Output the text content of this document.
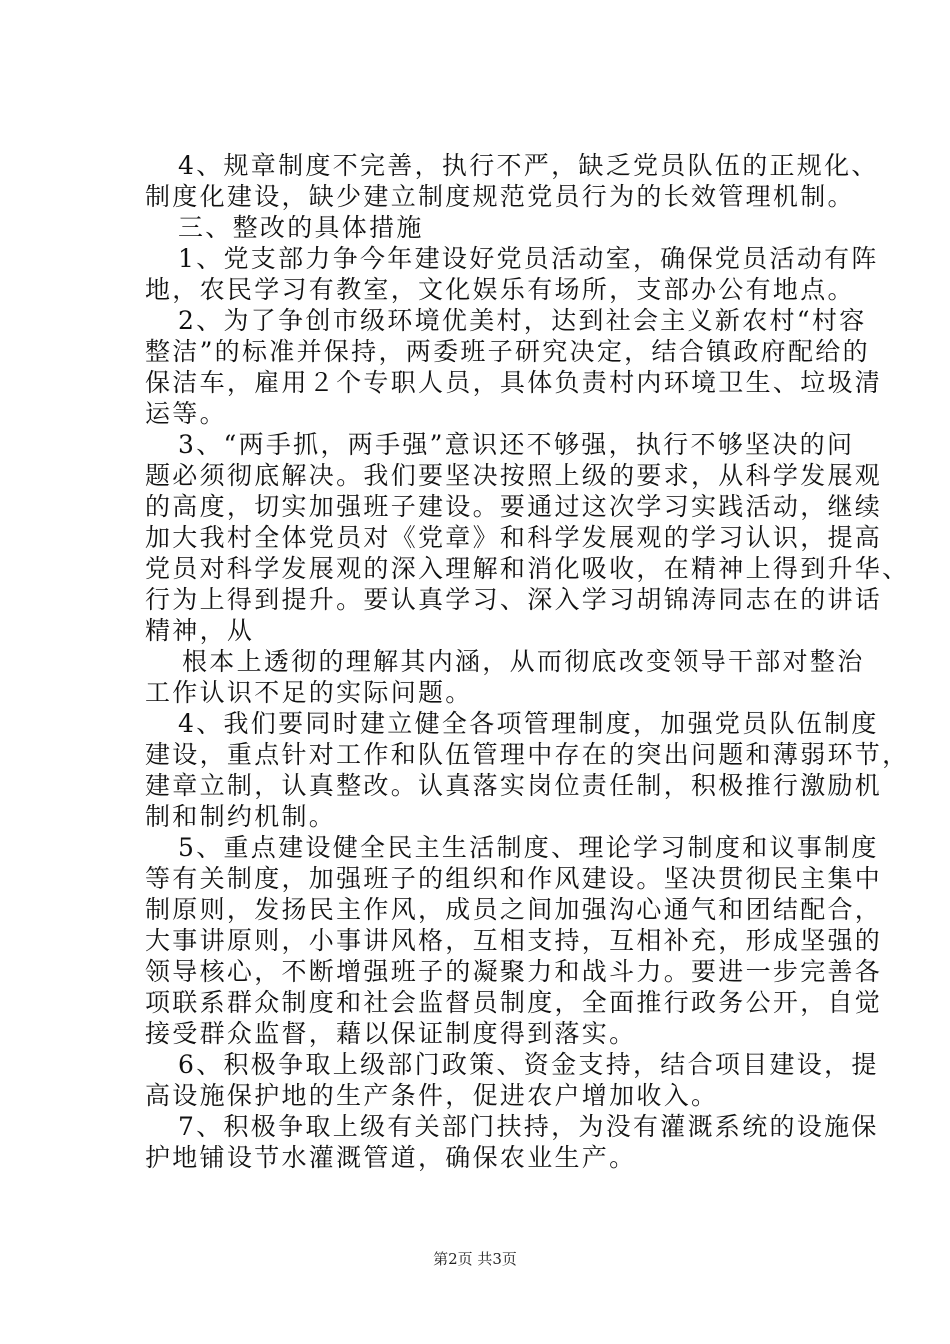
4、规章制度不完善，执行不严，缺乏党员队伍的正规化、
制度化建设，缺少建立制度规范党员行为的长效管理机制。
三、整改的具体措施
1、党支部力争今年建设好党员活动室，确保党员活动有阵
地，农民学习有教室，文化娱乐有场所，支部办公有地点。
2、为了争创市级环境优美村，达到社会主义新农村“村容
整洁”的标准并保持，两委班子研究决定，结合镇政府配给的
保洁车，雇用２个专职人员，具体负责村内环境卫生、垃圾清
运等。
3、“两手抓，两手强”意识还不够强，执行不够坚决的问
题必须彻底解决。我们要坚决按照上级的要求，从科学发展观
的高度，切实加强班子建设。要通过这次学习实践活动，继续
加大我村全体党员对《党章》和科学发展观的学习认识，提高
党员对科学发展观的深入理解和消化吸收，在精神上得到升华、
行为上得到提升。要认真学习、深入学习胡锦涛同志在的讲话
精神，从
根本上透彻的理解其内涵，从而彻底改变领导干部对整治
工作认识不足的实际问题。
4、我们要同时建立健全各项管理制度，加强党员队伍制度
建设，重点针对工作和队伍管理中存在的突出问题和薄弱环节，
建章立制，认真整改。认真落实岗位责任制，积极推行激励机
制和制约机制。
5、重点建设健全民主生活制度、理论学习制度和议事制度
等有关制度，加强班子的组织和作风建设。坚决贯彻民主集中
制原则，发扬民主作风，成员之间加强沟心通气和团结配合，
大事讲原则，小事讲风格，互相支持，互相补充，形成坚强的
领导核心，不断增强班子的凝聚力和战斗力。要进一步完善各
项联系群众制度和社会监督员制度，全面推行政务公开，自觉
接受群众监督，藉以保证制度得到落实。
6、积极争取上级部门政策、资金支持，结合项目建设，提
高设施保护地的生产条件，促进农户增加收入。
7、积极争取上级有关部门扶持，为没有灌溉系统的设施保
护地铺设节水灌溉管道，确保农业生产。
第2页 共3页
